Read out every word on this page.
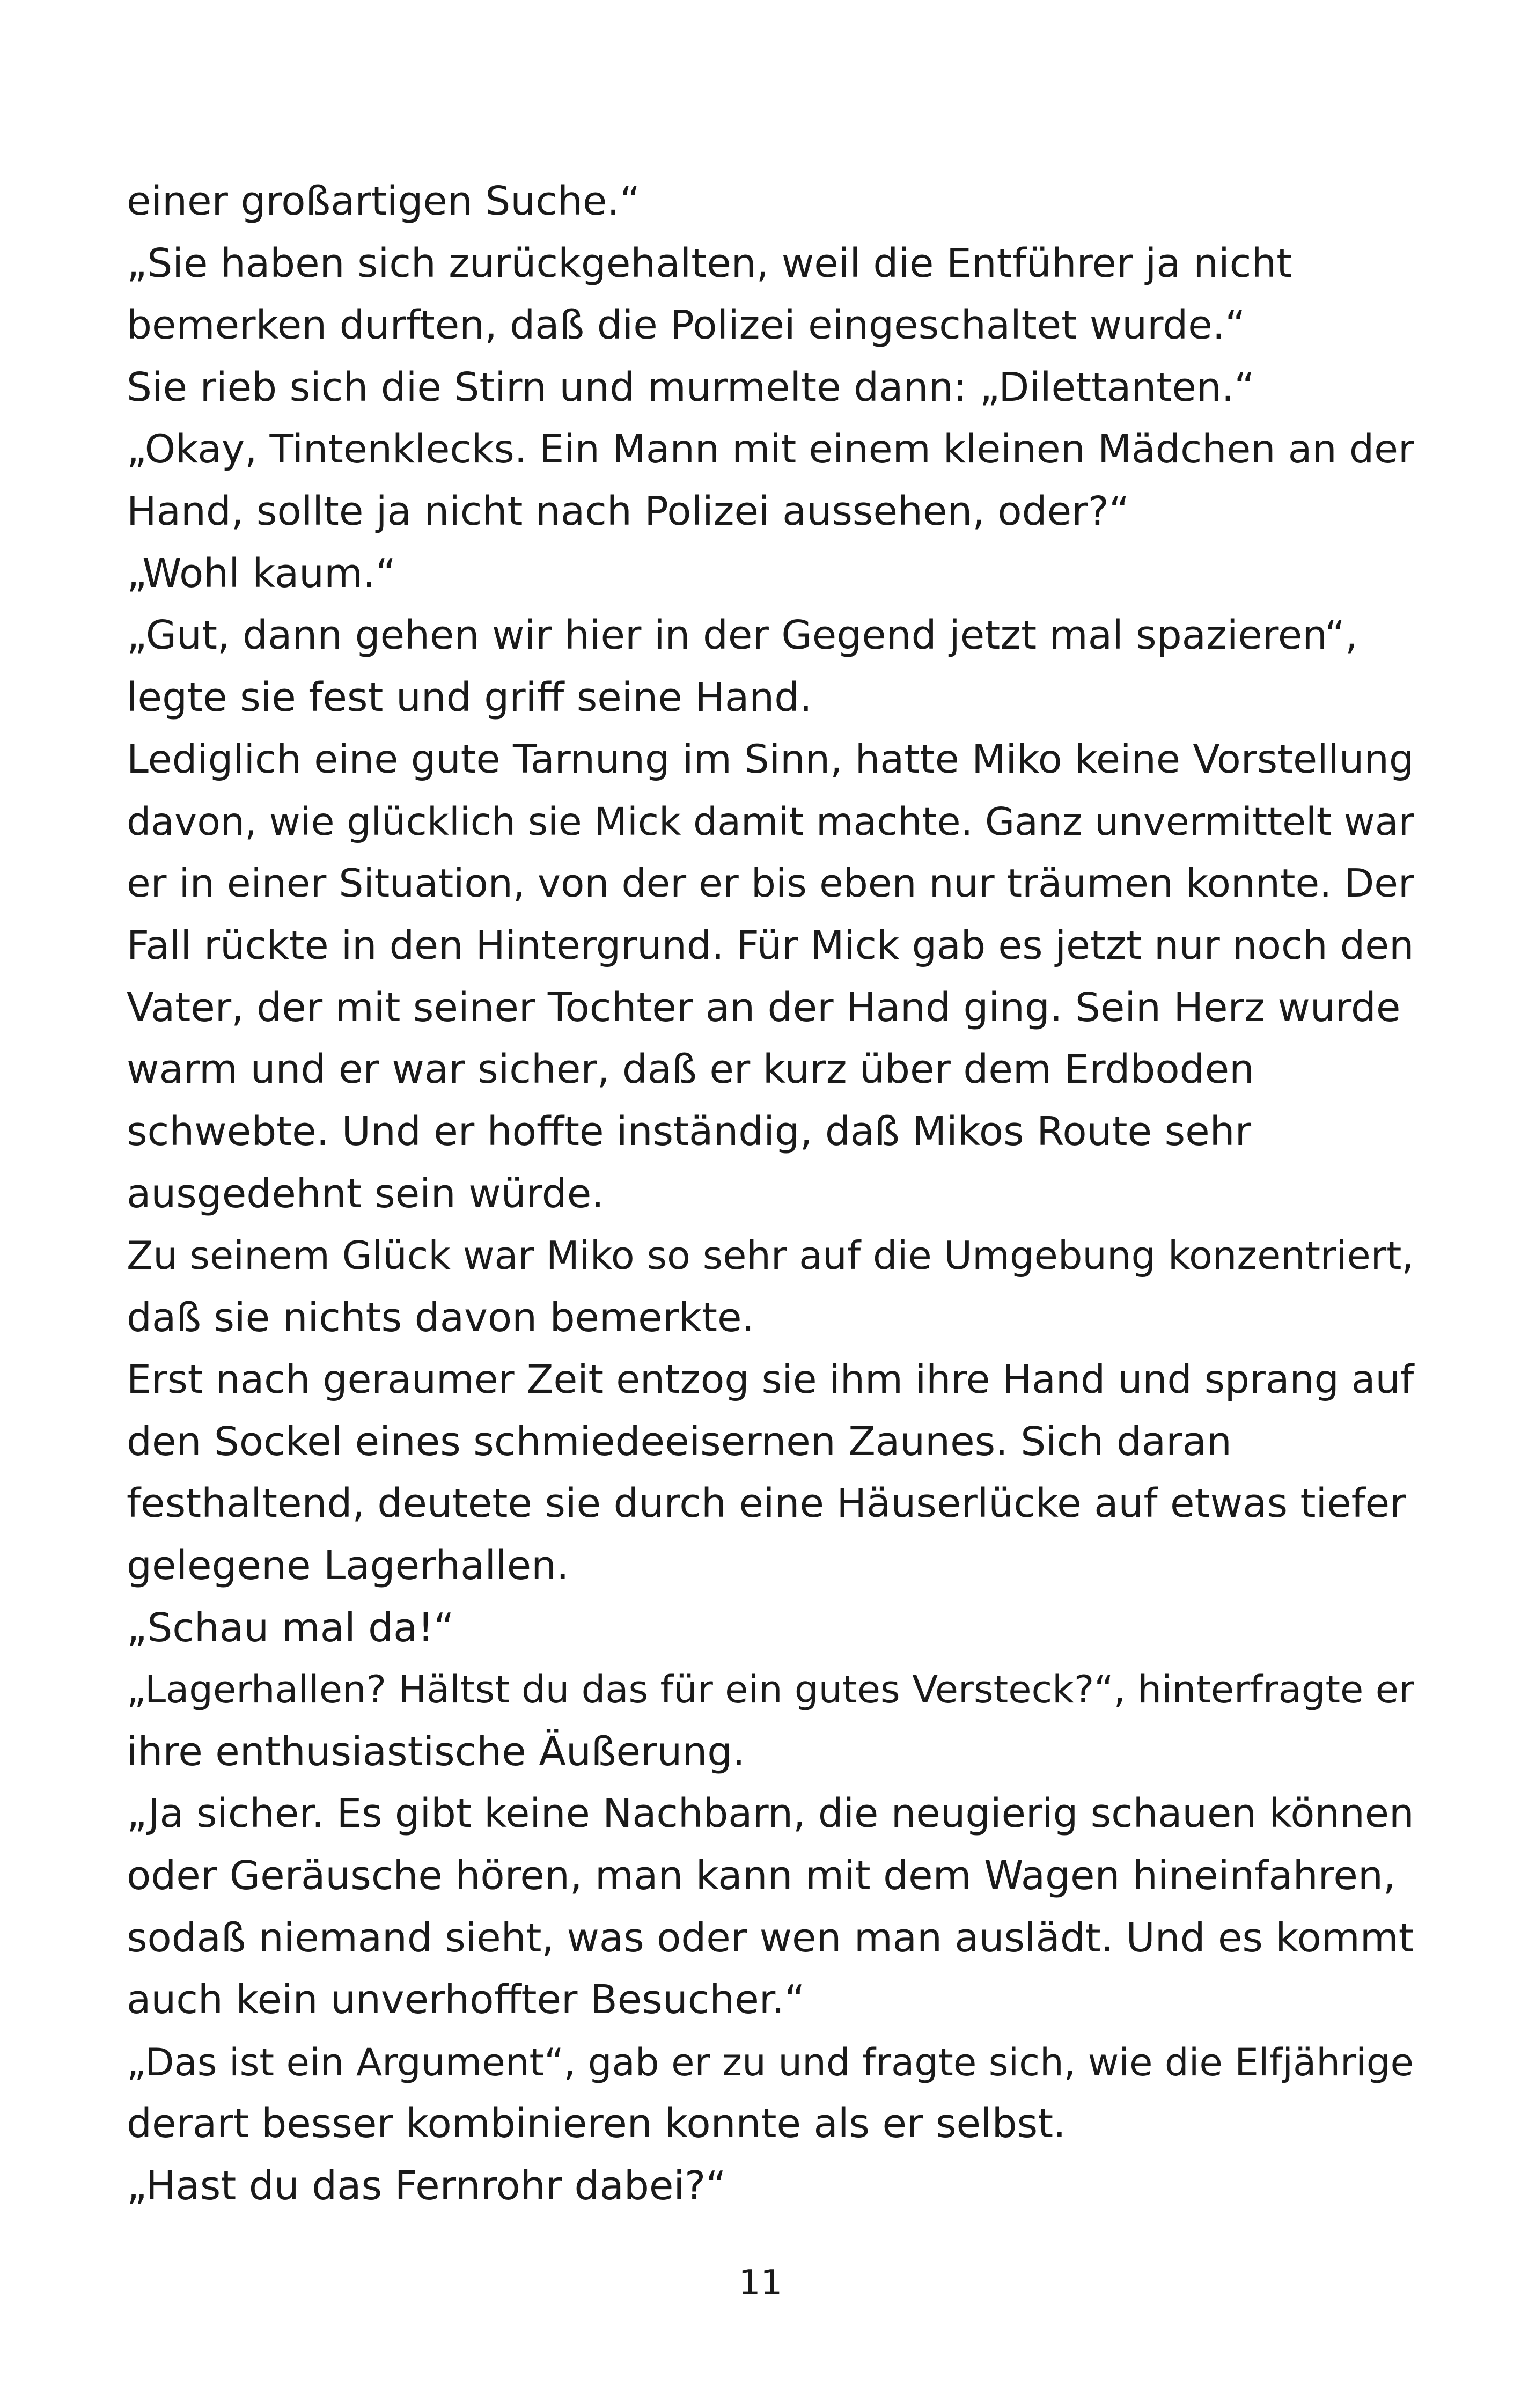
einer großartigen Suche.“
„Sie haben sich zurückgehalten, weil die Entführer ja nicht
bemerken durften, daß die Polizei eingeschaltet wurde.“
Sie rieb sich die Stirn und murmelte dann: „Dilettanten.“
„Okay, Tintenklecks. Ein Mann mit einem kleinen Mädchen an der
Hand, sollte ja nicht nach Polizei aussehen, oder?“
„Wohl kaum.“
„Gut, dann gehen wir hier in der Gegend jetzt mal spazieren“,
legte sie fest und griff seine Hand.
Lediglich eine gute Tarnung im Sinn, hatte Miko keine Vorstellung
davon, wie glücklich sie Mick damit machte. Ganz unvermittelt war
er in einer Situation, von der er bis eben nur träumen konnte. Der
Fall rückte in den Hintergrund. Für Mick gab es jetzt nur noch den
Vater, der mit seiner Tochter an der Hand ging. Sein Herz wurde
warm und er war sicher, daß er kurz über dem Erdboden
schwebte. Und er hoffte inständig, daß Mikos Route sehr
ausgedehnt sein würde.
Zu seinem Glück war Miko so sehr auf die Umgebung konzentriert,
daß sie nichts davon bemerkte.
Erst nach geraumer Zeit entzog sie ihm ihre Hand und sprang auf
den Sockel eines schmiedeeisernen Zaunes. Sich daran
festhaltend, deutete sie durch eine Häuserlücke auf etwas tiefer
gelegene Lagerhallen.
„Schau mal da!“
„Lagerhallen? Hältst du das für ein gutes Versteck?“, hinterfragte er
ihre enthusiastische Äußerung.
„Ja sicher. Es gibt keine Nachbarn, die neugierig schauen können
oder Geräusche hören, man kann mit dem Wagen hineinfahren,
sodaß niemand sieht, was oder wen man auslädt. Und es kommt
auch kein unverhoffter Besucher.“
„Das ist ein Argument“, gab er zu und fragte sich, wie die Elfjährige
derart besser kombinieren konnte als er selbst.
„Hast du das Fernrohr dabei?“
11
